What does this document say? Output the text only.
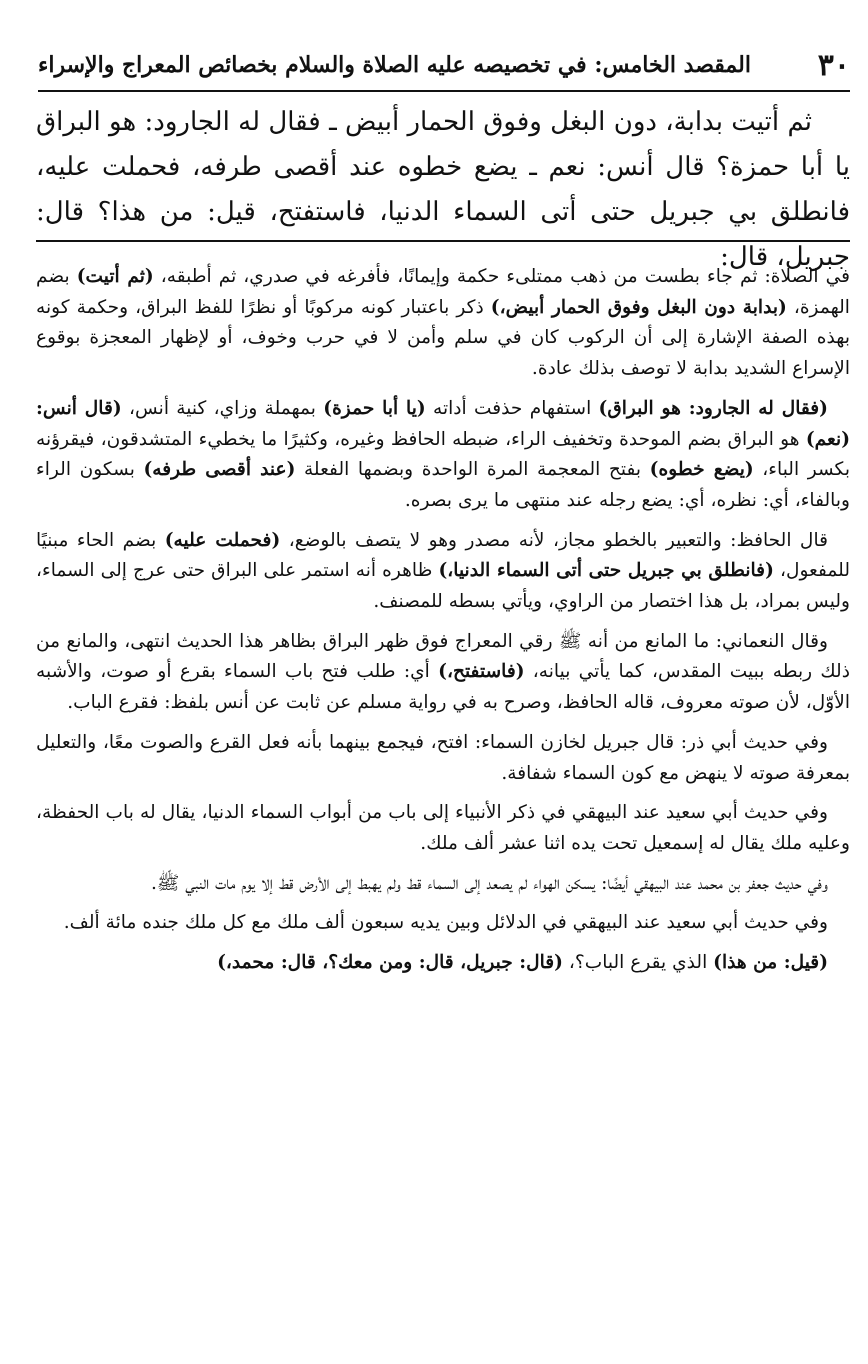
٣٠
المقصد الخامس: في تخصيصه عليه الصلاة والسلام بخصائص المعراج والإسراء

ثم أتيت بدابة، دون البغل وفوق الحمار أبيض ـ فقال له الجارود: هو البراق يا أبا حمزة؟ قال أنس: نعم ـ يضع خطوه عند أقصى طرفه، فحملت عليه، فانطلق بي جبريل حتى أتى السماء الدنيا، فاستفتح، قيل: من هذا؟ قال: جبريل، قال:

في الصلاة: ثم جاء بطست من ذهب ممتلىء حكمة وإيمانًا، فأفرغه في صدري، ثم أطبقه، (ثم أتيت) بضم الهمزة، (بدابة دون البغل وفوق الحمار أبيض،) ذكر باعتبار كونه مركوبًا أو نظرًا للفظ البراق، وحكمة كونه بهذه الصفة الإشارة إلى أن الركوب كان في سلم وأمن لا في حرب وخوف، أو لإظهار المعجزة بوقوع الإسراع الشديد بدابة لا توصف بذلك عادة.

(فقال له الجارود: هو البراق) استفهام حذفت أداته (يا أبا حمزة) بمهملة وزاي، كنية أنس، (قال أنس: (نعم) هو البراق بضم الموحدة وتخفيف الراء، ضبطه الحافظ وغيره، وكثيرًا ما يخطيء المتشدقون، فيقرؤنه بكسر الباء، (يضع خطوه) بفتح المعجمة المرة الواحدة وبضمها الفعلة (عند أقصى طرفه) بسكون الراء وبالفاء، أي: نظره، أي: يضع رجله عند منتهى ما يرى بصره.

قال الحافظ: والتعبير بالخطو مجاز، لأنه مصدر وهو لا يتصف بالوضع، (فحملت عليه) بضم الحاء مبنيًا للمفعول، (فانطلق بي جبريل حتى أتى السماء الدنيا،) ظاهره أنه استمر على البراق حتى عرج إلى السماء، وليس بمراد، بل هذا اختصار من الراوي، ويأتي بسطه للمصنف.

وقال النعماني: ما المانع من أنه ﷺ رقي المعراج فوق ظهر البراق بظاهر هذا الحديث انتهى، والمانع من ذلك ربطه ببيت المقدس، كما يأتي بيانه، (فاستفتح،) أي: طلب فتح باب السماء بقرع أو صوت، والأشبه الأوّل، لأن صوته معروف، قاله الحافظ، وصرح به في رواية مسلم عن ثابت عن أنس بلفظ: فقرع الباب.

وفي حديث أبي ذر: قال جبريل لخازن السماء: افتح، فيجمع بينهما بأنه فعل القرع والصوت معًا، والتعليل بمعرفة صوته لا ينهض مع كون السماء شفافة.

وفي حديث أبي سعيد عند البيهقي في ذكر الأنبياء إلى باب من أبواب السماء الدنيا، يقال له باب الحفظة، وعليه ملك يقال له إسمعيل تحت يده اثنا عشر ألف ملك.

وفي حديث جعفر بن محمد عند البيهقي أيضًا: يسكن الهواء لم يصعد إلى السماء قط ولم يهبط إلى الأرض قط إلا يوم مات النبي ﷺ.

وفي حديث أبي سعيد عند البيهقي في الدلائل وبين يديه سبعون ألف ملك مع كل ملك جنده مائة ألف.

(قيل: من هذا) الذي يقرع الباب؟، (قال: جبريل، قال: ومن معك؟، قال: محمد،)
